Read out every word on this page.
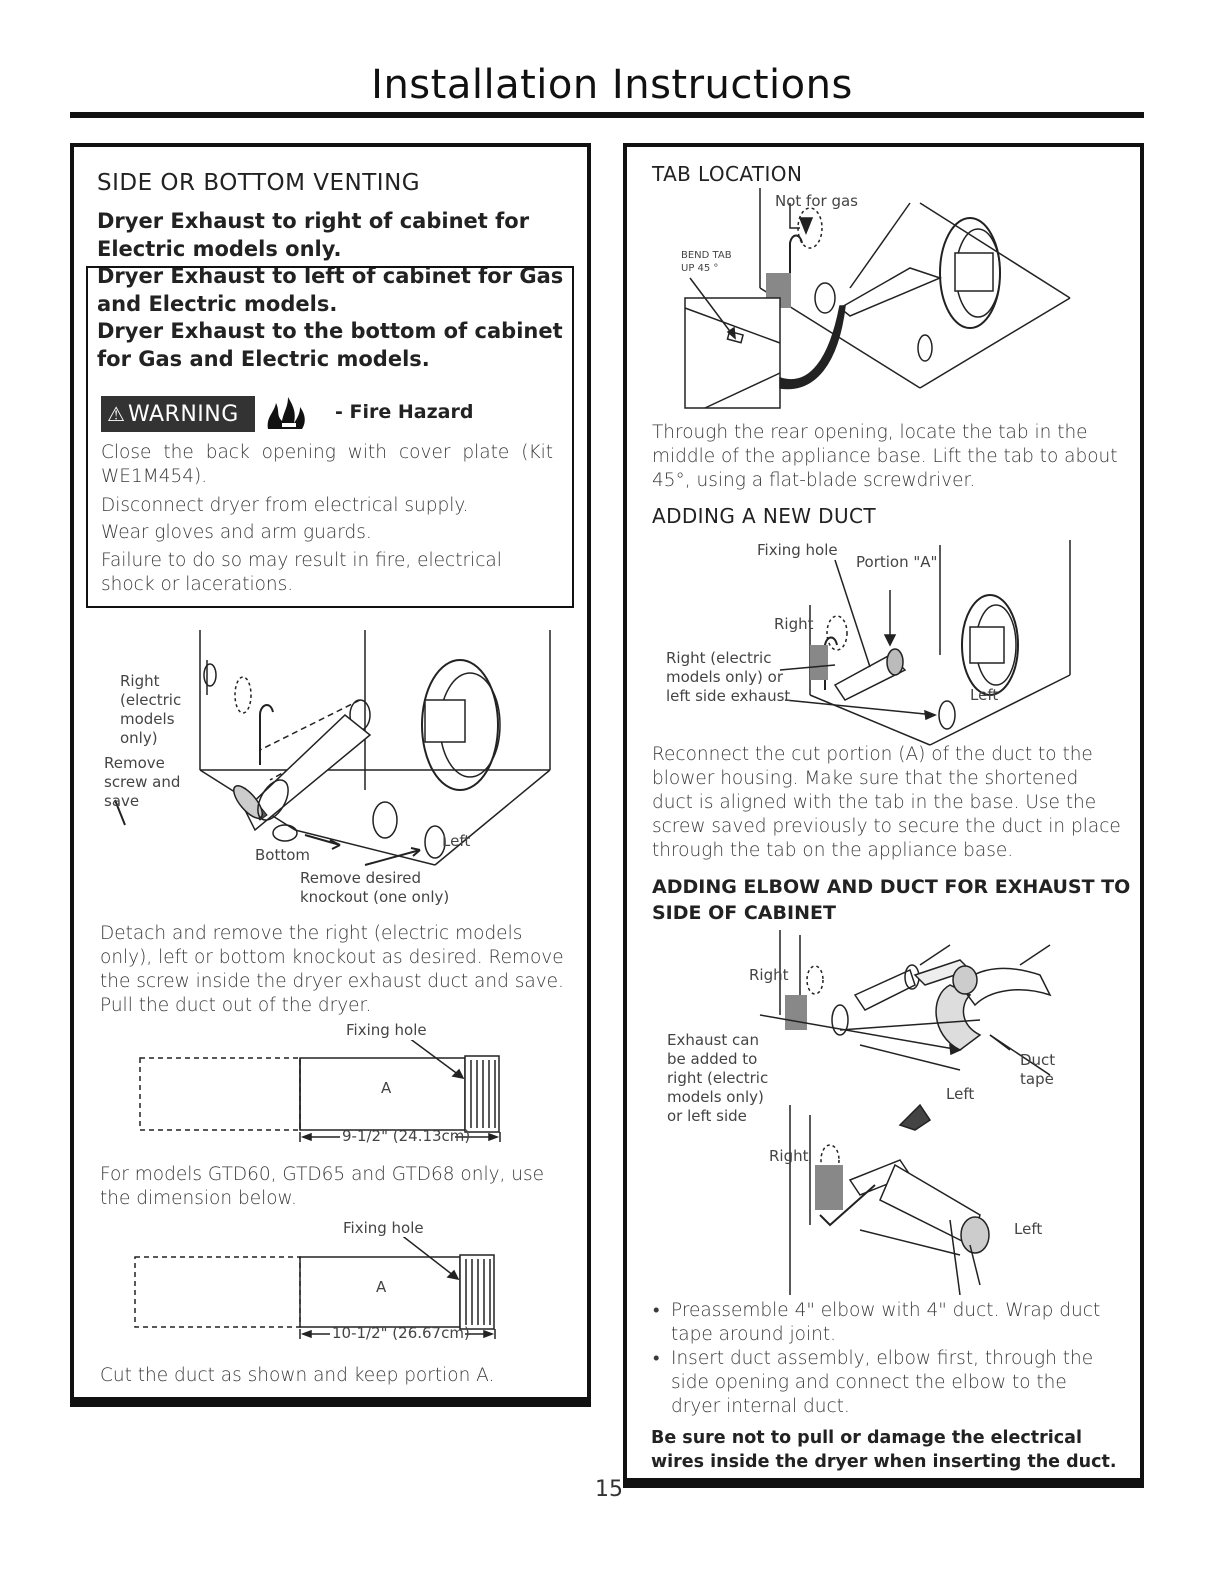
Installation Instructions
SIDE OR BOTTOM VENTING
Dryer Exhaust to right of cabinet for Electric models only.
Dryer Exhaust to left of cabinet for Gas and Electric models.
Dryer Exhaust to the bottom of cabinet for Gas and Electric models.
⚠ WARNING	- Fire Hazard
Close the back opening with cover plate (Kit WE1M454).
Disconnect dryer from electrical supply.
Wear gloves and arm guards.
Failure to do so may result in fire, electrical shock or lacerations.
Right (electric models only)
Remove screw and save
Bottom
Left
Remove desired knockout (one only)
Detach and remove the right (electric models only), left or bottom knockout as desired. Remove the screw inside the dryer exhaust duct and save. Pull the duct out of the dryer.
Fixing hole
A
9-1/2" (24.13cm)
For models GTD60, GTD65 and GTD68 only, use the dimension below.
Fixing hole
A
10-1/2" (26.67cm)
Cut the duct as shown and keep portion A.
TAB LOCATION
Not for gas
BEND TAB
UP 45 °
Through the rear opening, locate the tab in the middle of the appliance base. Lift the tab to about 45°, using a flat-blade screwdriver.
ADDING A NEW DUCT
Fixing hole
Portion "A"
Right
Right (electric models only) or left side exhaust	Left
Reconnect the cut portion (A) of the duct to the blower housing. Make sure that the shortened duct is aligned with the tab in the base. Use the screw saved previously to secure the duct in place through the tab on the appliance base.
ADDING ELBOW AND DUCT FOR EXHAUST TO SIDE OF CABINET
Right
Exhaust can be added to right (electric models only) or left side
Left
Duct tape
Right
Left
• Preassemble 4" elbow with 4" duct. Wrap duct tape around joint.
• Insert duct assembly, elbow first, through the side opening and connect the elbow to the dryer internal duct.
Be sure not to pull or damage the electrical wires inside the dryer when inserting the duct.
15
